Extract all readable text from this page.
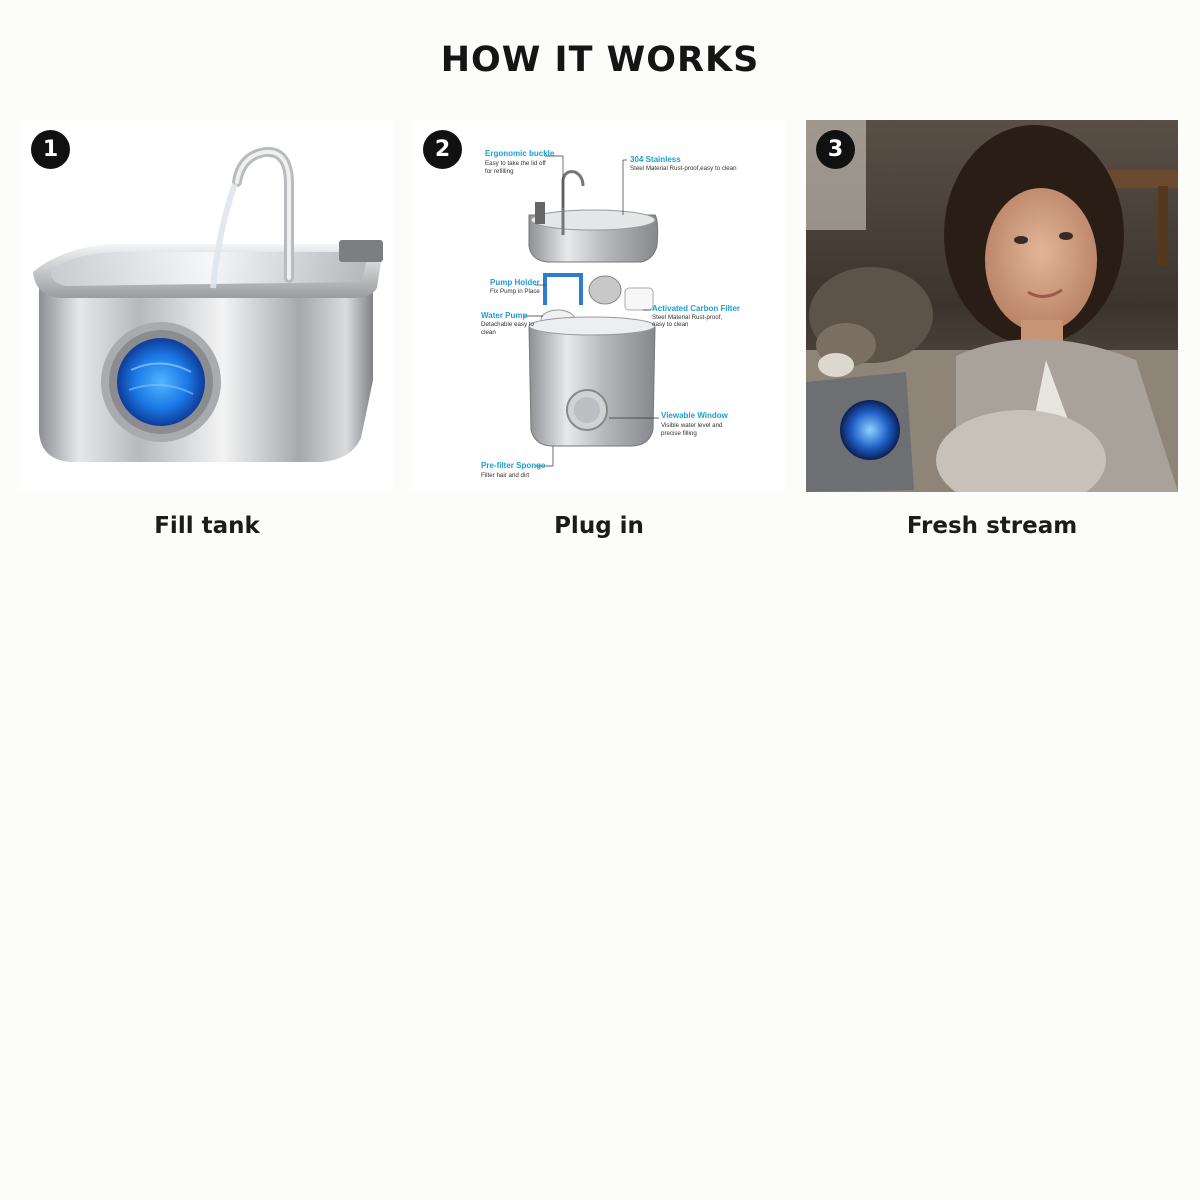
HOW IT WORKS
1
Fill tank
2	Ergonomic buckle
Easy to take the lid off
for refilling
304 Stainless
Steel Material Rust-proof,easy to clean
Pump Holder
Fix Pump in Place
Activated Carbon Filter
Steel Material Rust-proof,
easy to clean
Water Pump
Detachable easy to
clean
Viewable Window
Visible water level and
precise filling
Pre-filter Sponge
Filter hair and dirt
Plug in
3
Fresh stream
